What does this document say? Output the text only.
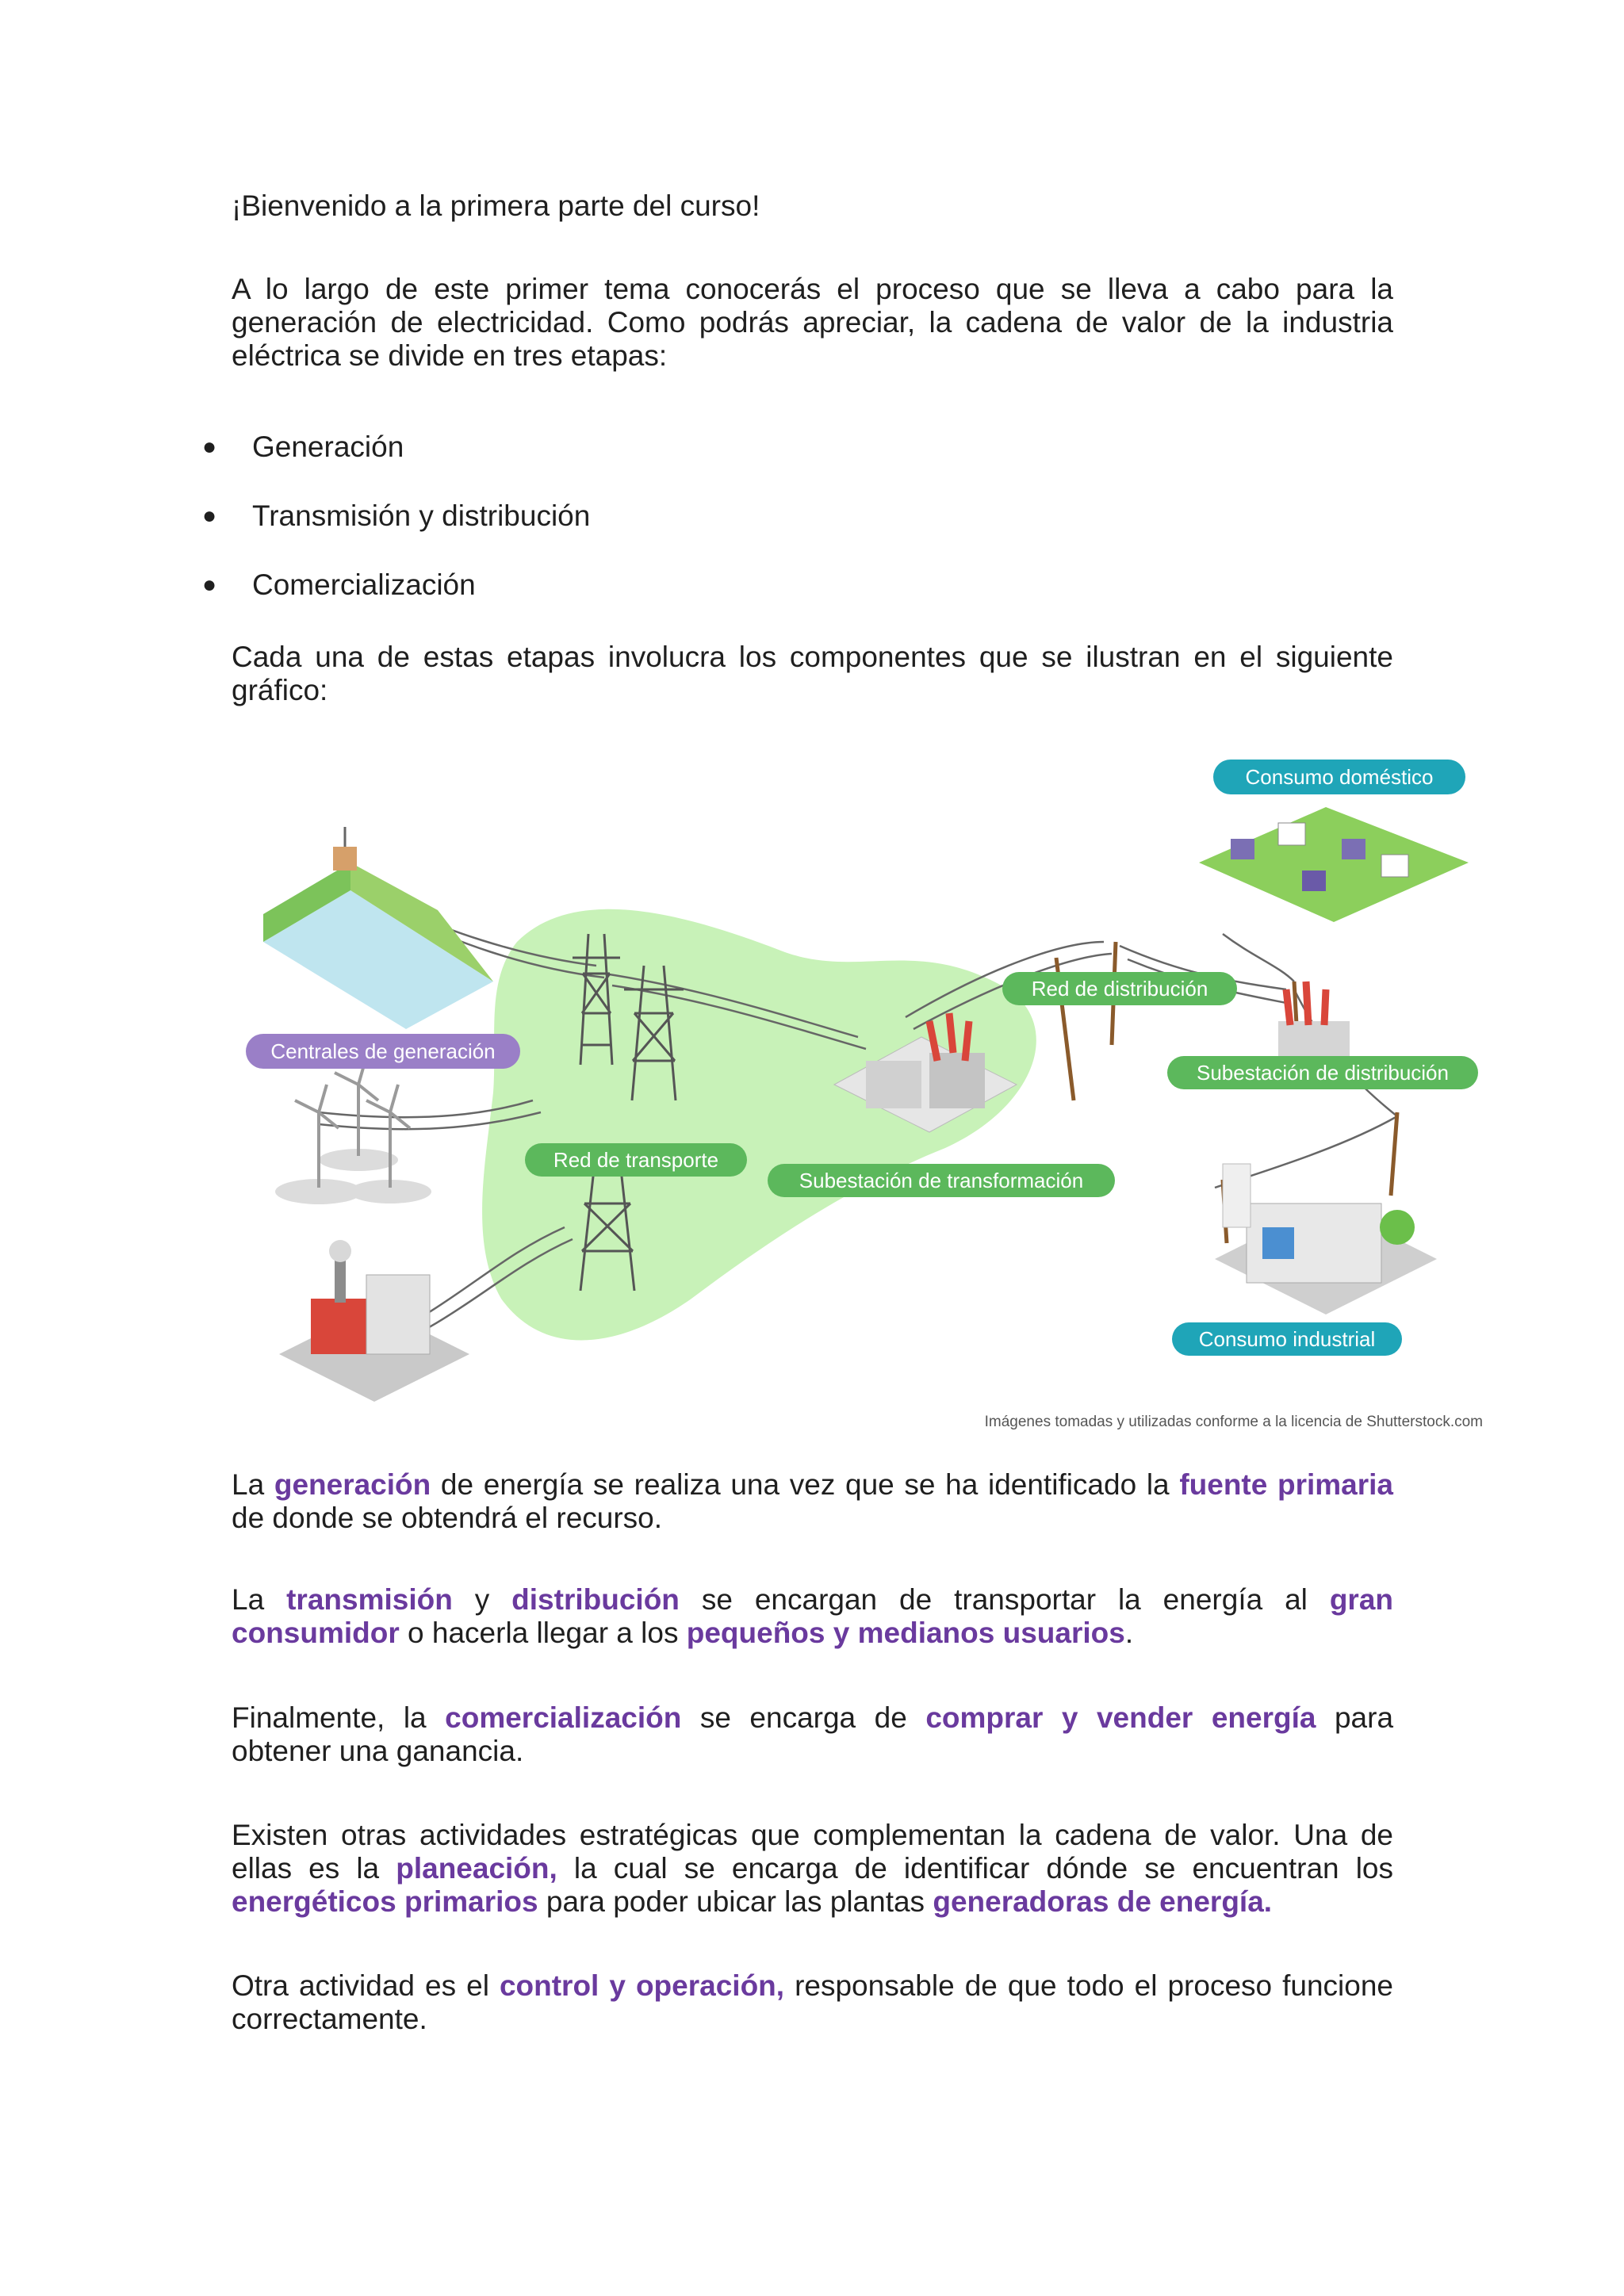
¡Bienvenido a la primera parte del curso!

A lo largo de este primer tema conocerás el proceso que se lleva a cabo para la generación de electricidad. Como podrás apreciar, la cadena de valor de la industria eléctrica se divide en tres etapas:

● Generación
● Transmisión y distribución
● Comercialización

Cada una de estas etapas involucra los componentes que se ilustran en el siguiente gráfico:

Consumo doméstico
Red de distribución
Centrales de generación
Subestación de distribución
Red de transporte
Subestación de transformación
Consumo industrial
Imágenes tomadas y utilizadas conforme a la licencia de Shutterstock.com

La generación de energía se realiza una vez que se ha identificado la fuente primaria de donde se obtendrá el recurso.

La transmisión y distribución se encargan de transportar la energía al gran consumidor o hacerla llegar a los pequeños y medianos usuarios.

Finalmente, la comercialización se encarga de comprar y vender energía para obtener una ganancia.

Existen otras actividades estratégicas que complementan la cadena de valor. Una de ellas es la planeación, la cual se encarga de identificar dónde se encuentran los energéticos primarios para poder ubicar las plantas generadoras de energía.

Otra actividad es el control y operación, responsable de que todo el proceso funcione correctamente.
